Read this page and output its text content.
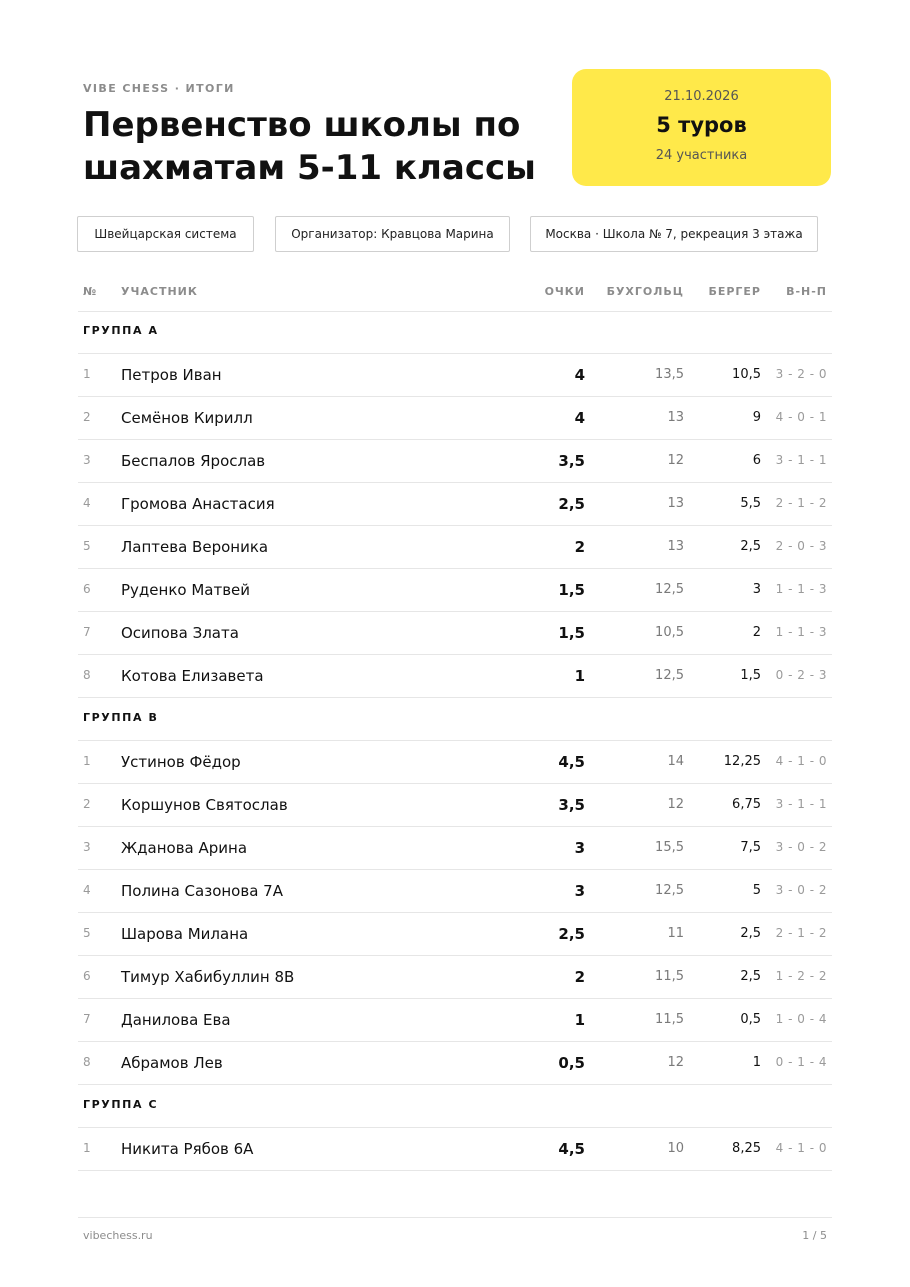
VIBE CHESS · ИТОГИ
Первенство школы по шахматам 5-11 классы
21.10.2026
5 туров
24 участника
Швейцарская система	Организатор: Кравцова Марина	Москва · Школа № 7, рекреация 3 этажа
№ УЧАСТНИК	ОЧКИ БУХГОЛЬЦ БЕРГЕР В-Н-П
ГРУППА А
1 Петров Иван	4	13,5	10,5 3 - 2 - 0
2 Семёнов Кирилл	4	13	9 4 - 0 - 1
3 Беспалов Ярослав	3,5	12	6 3 - 1 - 1
4 Громова Анастасия	2,5	13	5,5 2 - 1 - 2
5 Лаптева Вероника	2	13	2,5 2 - 0 - 3
6 Руденко Матвей	1,5	12,5	3 1 - 1 - 3
7 Осипова Злата	1,5	10,5	2 1 - 1 - 3
8 Котова Елизавета	1	12,5	1,5 0 - 2 - 3
ГРУППА B
1 Устинов Фёдор	4,5	14	12,25 4 - 1 - 0
2 Коршунов Святослав	3,5	12	6,75 3 - 1 - 1
3 Жданова Арина	3	15,5	7,5 3 - 0 - 2
4 Полина Сазонова 7А	3	12,5	5 3 - 0 - 2
5 Шарова Милана	2,5	11	2,5 2 - 1 - 2
6 Тимур Хабибуллин 8В	2	11,5	2,5 1 - 2 - 2
7 Данилова Ева	1	11,5	0,5 1 - 0 - 4
8 Абрамов Лев	0,5	12	1 0 - 1 - 4
ГРУППА C
1 Никита Рябов 6А	4,5	10	8,25 4 - 1 - 0
vibechess.ru	1 / 5
